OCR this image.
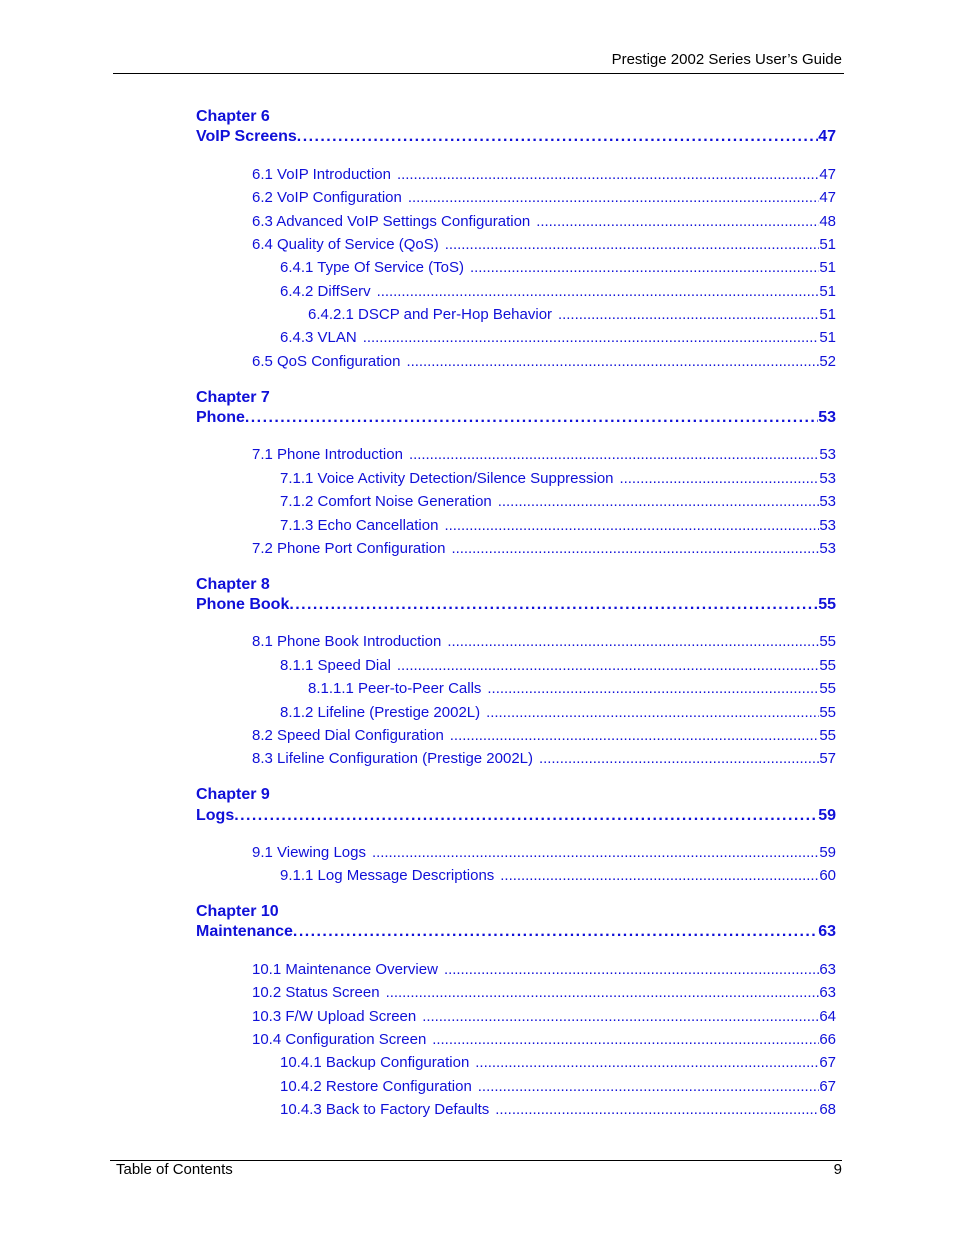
Prestige 2002 Series User’s Guide
Chapter 6
VoIP Screens . . .	47
6.1 VoIP Introduction . . .	47
6.2 VoIP Configuration . . .	47
6.3 Advanced VoIP Settings Configuration . . .	48
6.4 Quality of Service (QoS) . . .	51
6.4.1 Type Of Service (ToS) . . .	51
6.4.2 DiffServ . . .	51
6.4.2.1 DSCP and Per-Hop Behavior . . .	51
6.4.3 VLAN . . .	51
6.5 QoS Configuration . . .	52
Chapter 7
Phone . . .	53
7.1 Phone Introduction . . .	53
7.1.1 Voice Activity Detection/Silence Suppression . . .	53
7.1.2 Comfort Noise Generation . . .	53
7.1.3 Echo Cancellation . . .	53
7.2 Phone Port Configuration . . .	53
Chapter 8
Phone Book . . .	55
8.1 Phone Book Introduction . . .	55
8.1.1 Speed Dial . . .	55
8.1.1.1 Peer-to-Peer Calls . . .	55
8.1.2 Lifeline (Prestige 2002L) . . .	55
8.2 Speed Dial Configuration . . .	55
8.3 Lifeline Configuration (Prestige 2002L) . . .	57
Chapter 9
Logs . . .	59
9.1 Viewing Logs . . .	59
9.1.1 Log Message Descriptions . . .	60
Chapter 10
Maintenance . . .	63
10.1 Maintenance Overview . . .	63
10.2 Status Screen . . .	63
10.3 F/W Upload Screen . . .	64
10.4 Configuration Screen . . .	66
10.4.1 Backup Configuration . . .	67
10.4.2 Restore Configuration . . .	67
10.4.3 Back to Factory Defaults . . .	68
Table of Contents	9
